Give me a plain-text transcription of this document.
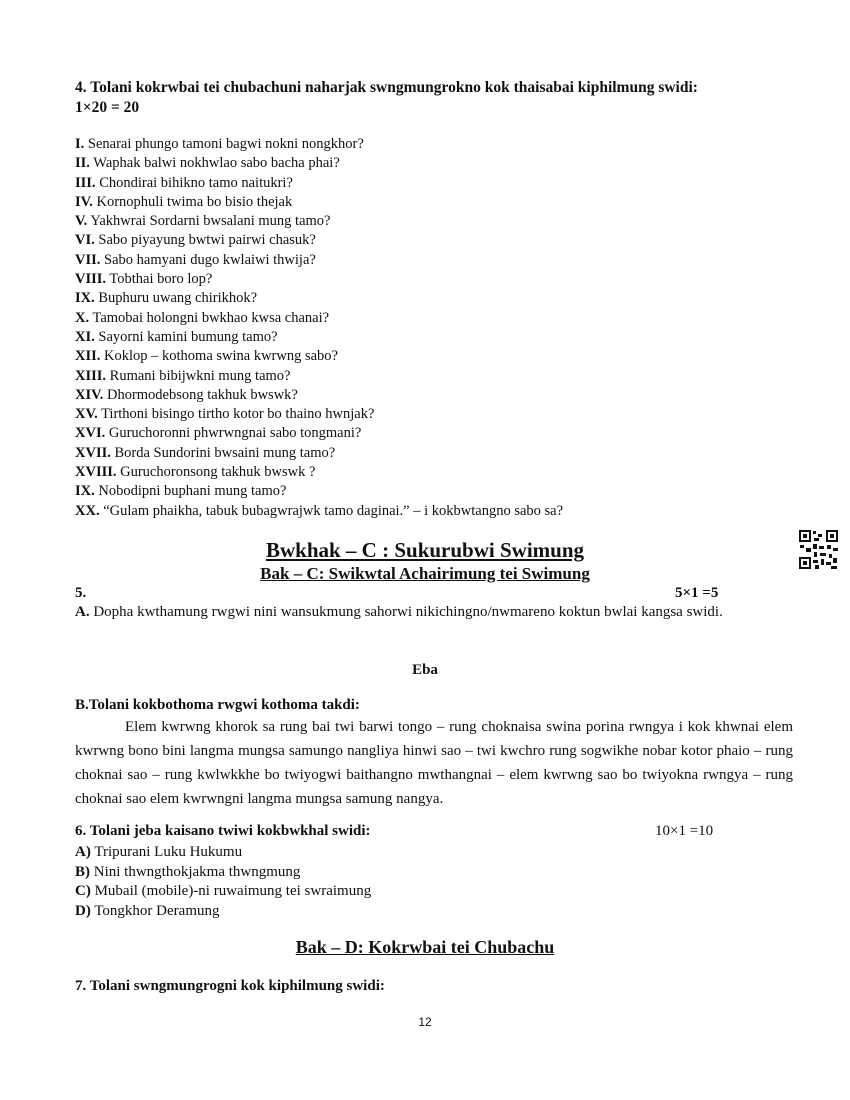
4. Tolani kokrwbai tei chubachuni naharjak swngmungrokno kok thaisabai kiphilmung swidi:
1×20 = 20
I. Senarai phungo tamoni bagwi nokni nongkhor?
II. Waphak balwi nokhwlao sabo bacha phai?
III. Chondirai bihikno tamo naitukri?
IV. Kornophuli twima bo bisio thejak
V. Yakhwrai Sordarni bwsalani mung tamo?
VI. Sabo piyayung bwtwi pairwi chasuk?
VII. Sabo hamyani dugo kwlaiwi thwija?
VIII. Tobthai boro lop?
IX. Buphuru uwang chirikhok?
X. Tamobai holongni bwkhao kwsa chanai?
XI. Sayorni kamini bumung tamo?
XII. Koklop – kothoma swina kwrwng sabo?
XIII. Rumani bibijwkni mung tamo?
XIV. Dhormodebsong takhuk bwswk?
XV. Tirthoni bisingo tirtho kotor bo thaino hwnjak?
XVI. Guruchoronni phwrwngnai sabo tongmani?
XVII. Borda Sundorini bwsaini mung tamo?
XVIII. Guruchoronsong takhuk bwswk ?
IX. Nobodipni buphani mung tamo?
XX. “Gulam phaikha, tabuk bubagwrajwk tamo daginai.” – i kokbwtangno sabo sa?
Bwkhak – C : Sukurubwi Swimung
Bak – C: Swikwtal Achairimung tei Swimung
5.	5×1 =5
A. Dopha kwthamung rwgwi nini wansukmung sahorwi nikichingno/nwmareno koktun bwlai kangsa swidi.
Eba
B.Tolani kokbothoma rwgwi kothoma takdi:
Elem kwrwng khorok sa rung bai twi barwi tongo – rung choknaisa swina porina rwngya i kok khwnai elem kwrwng bono bini langma mungsa samungo nangliya hinwi sao – twi kwchro rung sogwikhe nobar kotor phaio – rung choknai sao – rung kwlwkkhe bo twiyogwi baithangno mwthangnai – elem kwrwng sao bo twiyokna rwngya – rung choknai sao elem kwrwngni langma mungsa samung nangya.
6. Tolani jeba kaisano twiwi kokbwkhal swidi:	10×1 =10
A) Tripurani Luku Hukumu
B) Nini thwngthokjakma thwngmung
C) Mubail (mobile)-ni ruwaimung tei swraimung
D) Tongkhor Deramung
Bak – D: Kokrwbai tei Chubachu
7. Tolani swngmungrogni kok kiphilmung swidi:
12
